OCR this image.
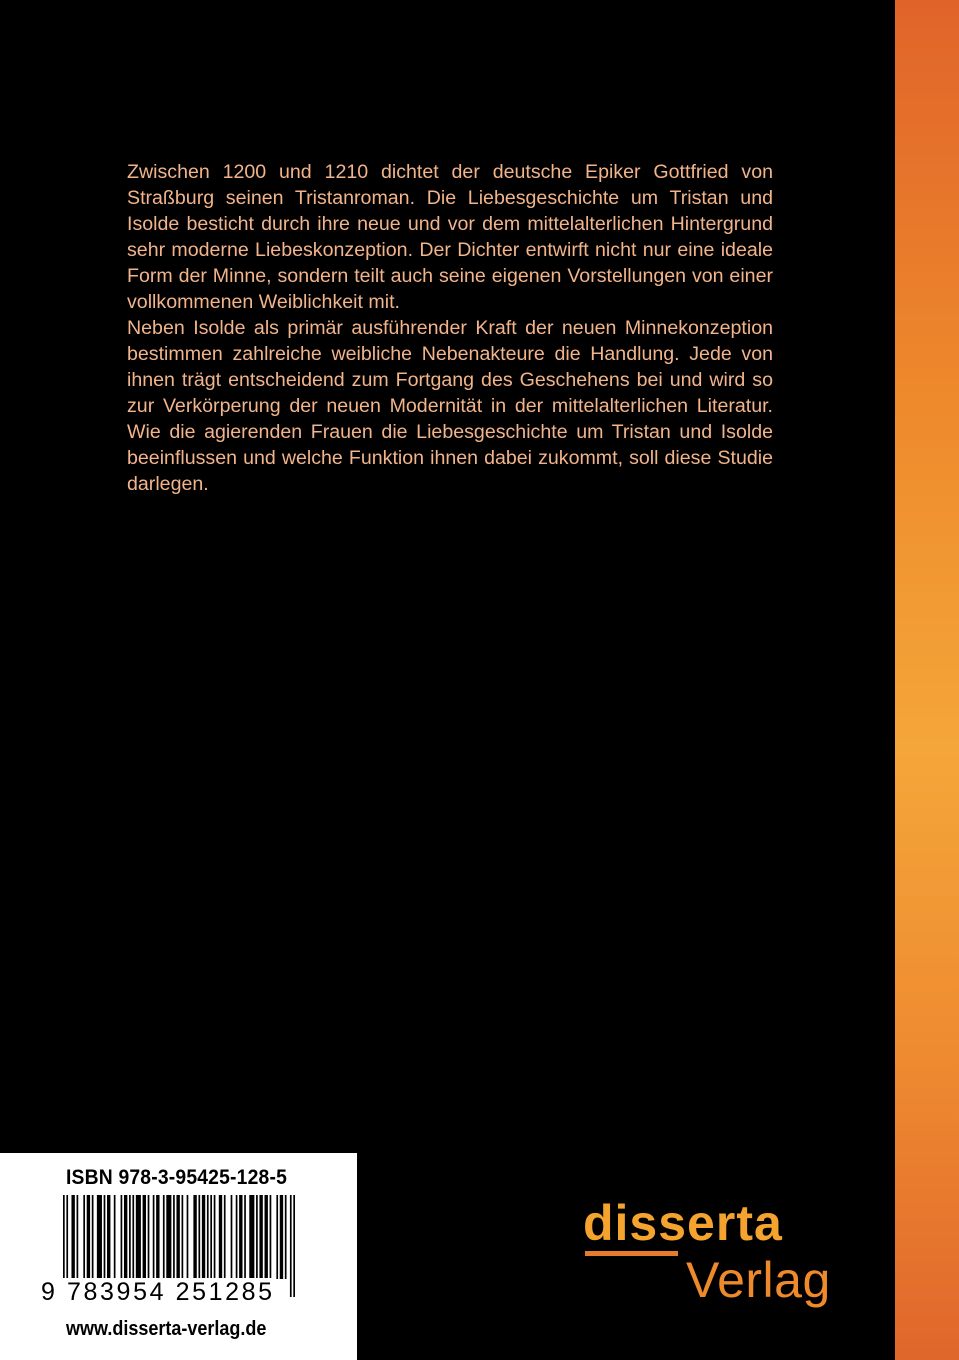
Zwischen 1200 und 1210 dichtet der deutsche Epiker Gottfried von Straßburg seinen Tristanroman. Die Liebesgeschichte um Tristan und Isolde besticht durch ihre neue und vor dem mittelalterlichen Hintergrund sehr moderne Liebeskonzeption. Der Dichter entwirft nicht nur eine ideale Form der Minne, sondern teilt auch seine eigenen Vorstellungen von einer vollkommenen Weiblichkeit mit.

Neben Isolde als primär ausführender Kraft der neuen Minnekonzeption bestimmen zahlreiche weibliche Nebenakteure die Handlung. Jede von ihnen trägt entscheidend zum Fortgang des Geschehens bei und wird so zur Verkörperung der neuen Modernität in der mittelalterlichen Literatur.

Wie die agierenden Frauen die Liebesgeschichte um Tristan und Isolde beeinflussen und welche Funktion ihnen dabei zukommt, soll diese Studie darlegen.

ISBN 978-3-95425-128-5
9 783954 251285
www.disserta-verlag.de
disserta
Verlag
